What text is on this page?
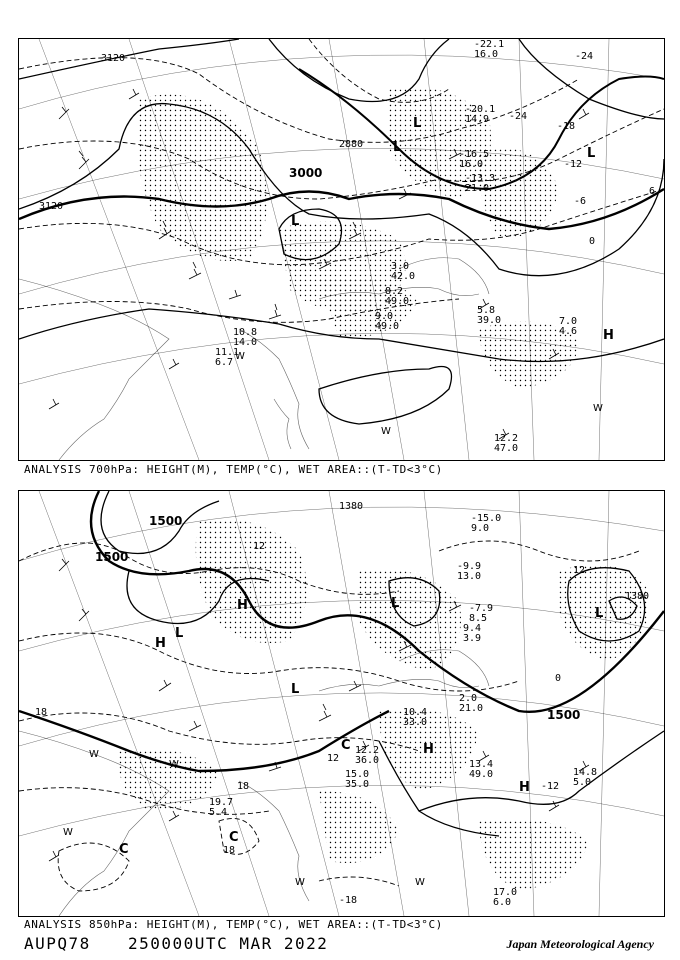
3120
3120
3000
2880
0
-6
-12
-18
-24
-24
6
L
L	L
L
H
W
W
W
12.2
47.0
9.0
49.0	7.0
4.6
10.8
14.0
11.1
6.7
-20.1
14.9
-16.5
16.0
-22.1
16.0
5.8
39.0
3.0
42.0
8.2
49.0
-13.3
21.0
ANALYSIS 700hPa: HEIGHT(M), TEMP(°C), WET AREA::(T-TD<3°C)
1500
1500
1500
1380
1380
12
18
18
12
-18
0
-12
18
12
L
L
L
L
H
H
H
H
C
C
C
W
W
W
W
W
17.0
6.0
14.8
5.0
13.4
49.0
19.7
5.4
15.0
35.0
12.2
36.0
10.4
33.0
-15.0
9.0
-7.9
8.5
2.0
21.0
9.4
3.9
-9.9
13.0
ANALYSIS 850hPa: HEIGHT(M), TEMP(°C), WET AREA::(T-TD<3°C)
AUPQ78 250000UTC MAR 2022	Japan Meteorological Agency
